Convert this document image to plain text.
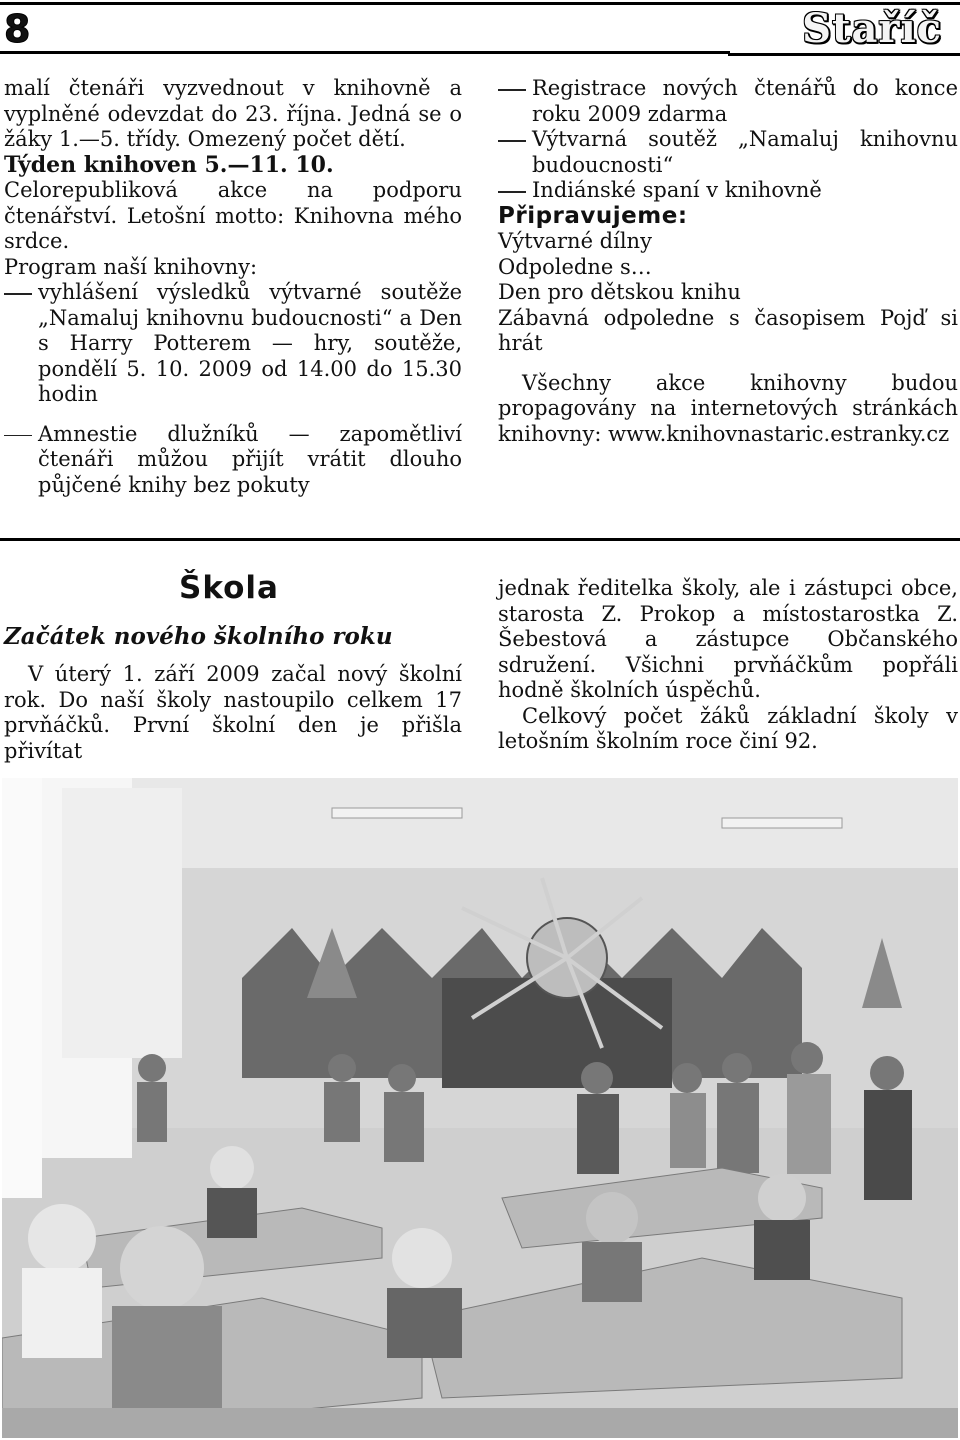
8	Staříč

malí čtenáři vyzvednout v knihovně a vyplněné odevzdat do 23. října. Jedná se o žáky 1.—5. třídy. Omezený počet dětí.

Týden knihoven 5.—11. 10.

Celorepubliková akce na podporu čtenářství. Letošní motto: Knihovna mého srdce.

Program naší knihovny:

vyhlášení výsledků výtvarné soutěže „Namaluj knihovnu budoucnosti“ a Den s Harry Potterem — hry, soutěže, pondělí 5. 10. 2009 od 14.00 do 15.30 hodin
Amnestie dlužníků — zapomětliví čtenáři můžou přijít vrátit dlouho půjčené knihy bez pokuty
Registrace nových čtenářů do konce roku 2009 zdarma
Výtvarná soutěž „Namaluj knihovnu budoucnosti“
Indiánské spaní v knihovně

Připravujeme:

Výtvarné dílny

Odpoledne s…

Den pro dětskou knihu

Zábavná odpoledne s časopisem Pojď si hrát

Všechny akce knihovny budou propagovány na internetových stránkách knihovny: www.knihovnastaric.estranky.cz

Škola
Začátek nového školního roku

V úterý 1. září 2009 začal nový školní rok. Do naší školy nastoupilo celkem 17 prvňáčků. První školní den je přišla přivítat

jednak ředitelka školy, ale i zástupci obce, starosta Z. Prokop a místostarostka Z. Šebestová a zástupce Občanského sdružení. Všichni prvňáčkům popřáli hodně školních úspěchů.

Celkový počet žáků základní školy v letošním školním roce činí 92.
